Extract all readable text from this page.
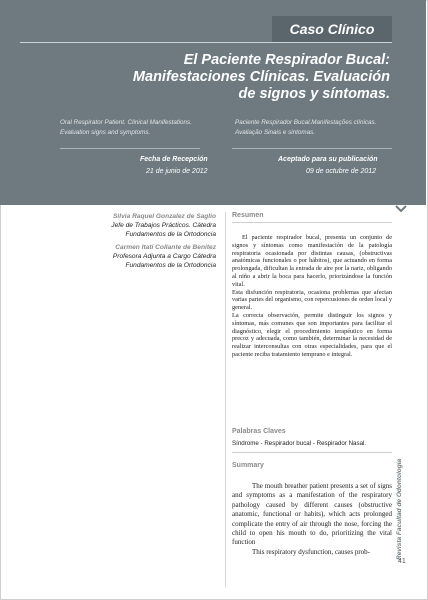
Caso Clínico
El Paciente Respirador Bucal:
Manifestaciones Clínicas. Evaluación
de signos y síntomas.
Oral Respirator Patient. Clinical Manifestations. Evaluation signs and symptoms.
Paciente Respirador Bucal.Manifestações clínicas. Avaliação Sinais e sintomas.
Fecha de Recepción
21 de junio de 2012
Aceptado para su publicación
09 de octubre de 2012
Silvia Raquel Gonzalez de Saglio
Jefe de Trabajos Prácticos. Cátedra
Fundamentos de la Ortodoncia
Carmen Itatí Collante de Benitez
Profesora Adjunta a Cargo Cátedra
Fundamentos de la Ortodoncia
Resumen

El paciente respirador bucal, presenta un conjunto de signos y síntomas como manifestación de la patología respiratoria ocasionada por distintas causas, (obstructivas anatómicas funcionales o por hábitos), que actuando en forma prolongada, dificultan la entrada de aire por la nariz, obligando al niño a abrir la boca para hacerlo, priorizándose la función vital.

Esta disfunción respiratoria, ocasiona problemas que afectan varias partes del organismo, con repercusiones de orden local y general.

La correcta observación, permite distinguir los signos y síntomas, más comunes que son importantes para facilitar el diagnóstico, elegir el procedimiento terapéutico en forma precoz y adecuada, como también, determinar la necesidad de realizar interconsultas con otras especialidades, para que el paciente reciba tratamiento temprano e integral.

Palabras Claves
Síndrome - Respirador bucal - Respirador Nasal.
Summary

The mouth breather patient presents a set of signs and symptoms as a manifestation of the respiratory pathology caused by different causes (obstructive anatomic, functional or habits), which acts prolonged complicate the entry of air through the nose, forcing the child to open his mouth to do, prioritizing the vital function

This respiratory dysfunction, causes prob-	Revista Facultad de Odontología
41
